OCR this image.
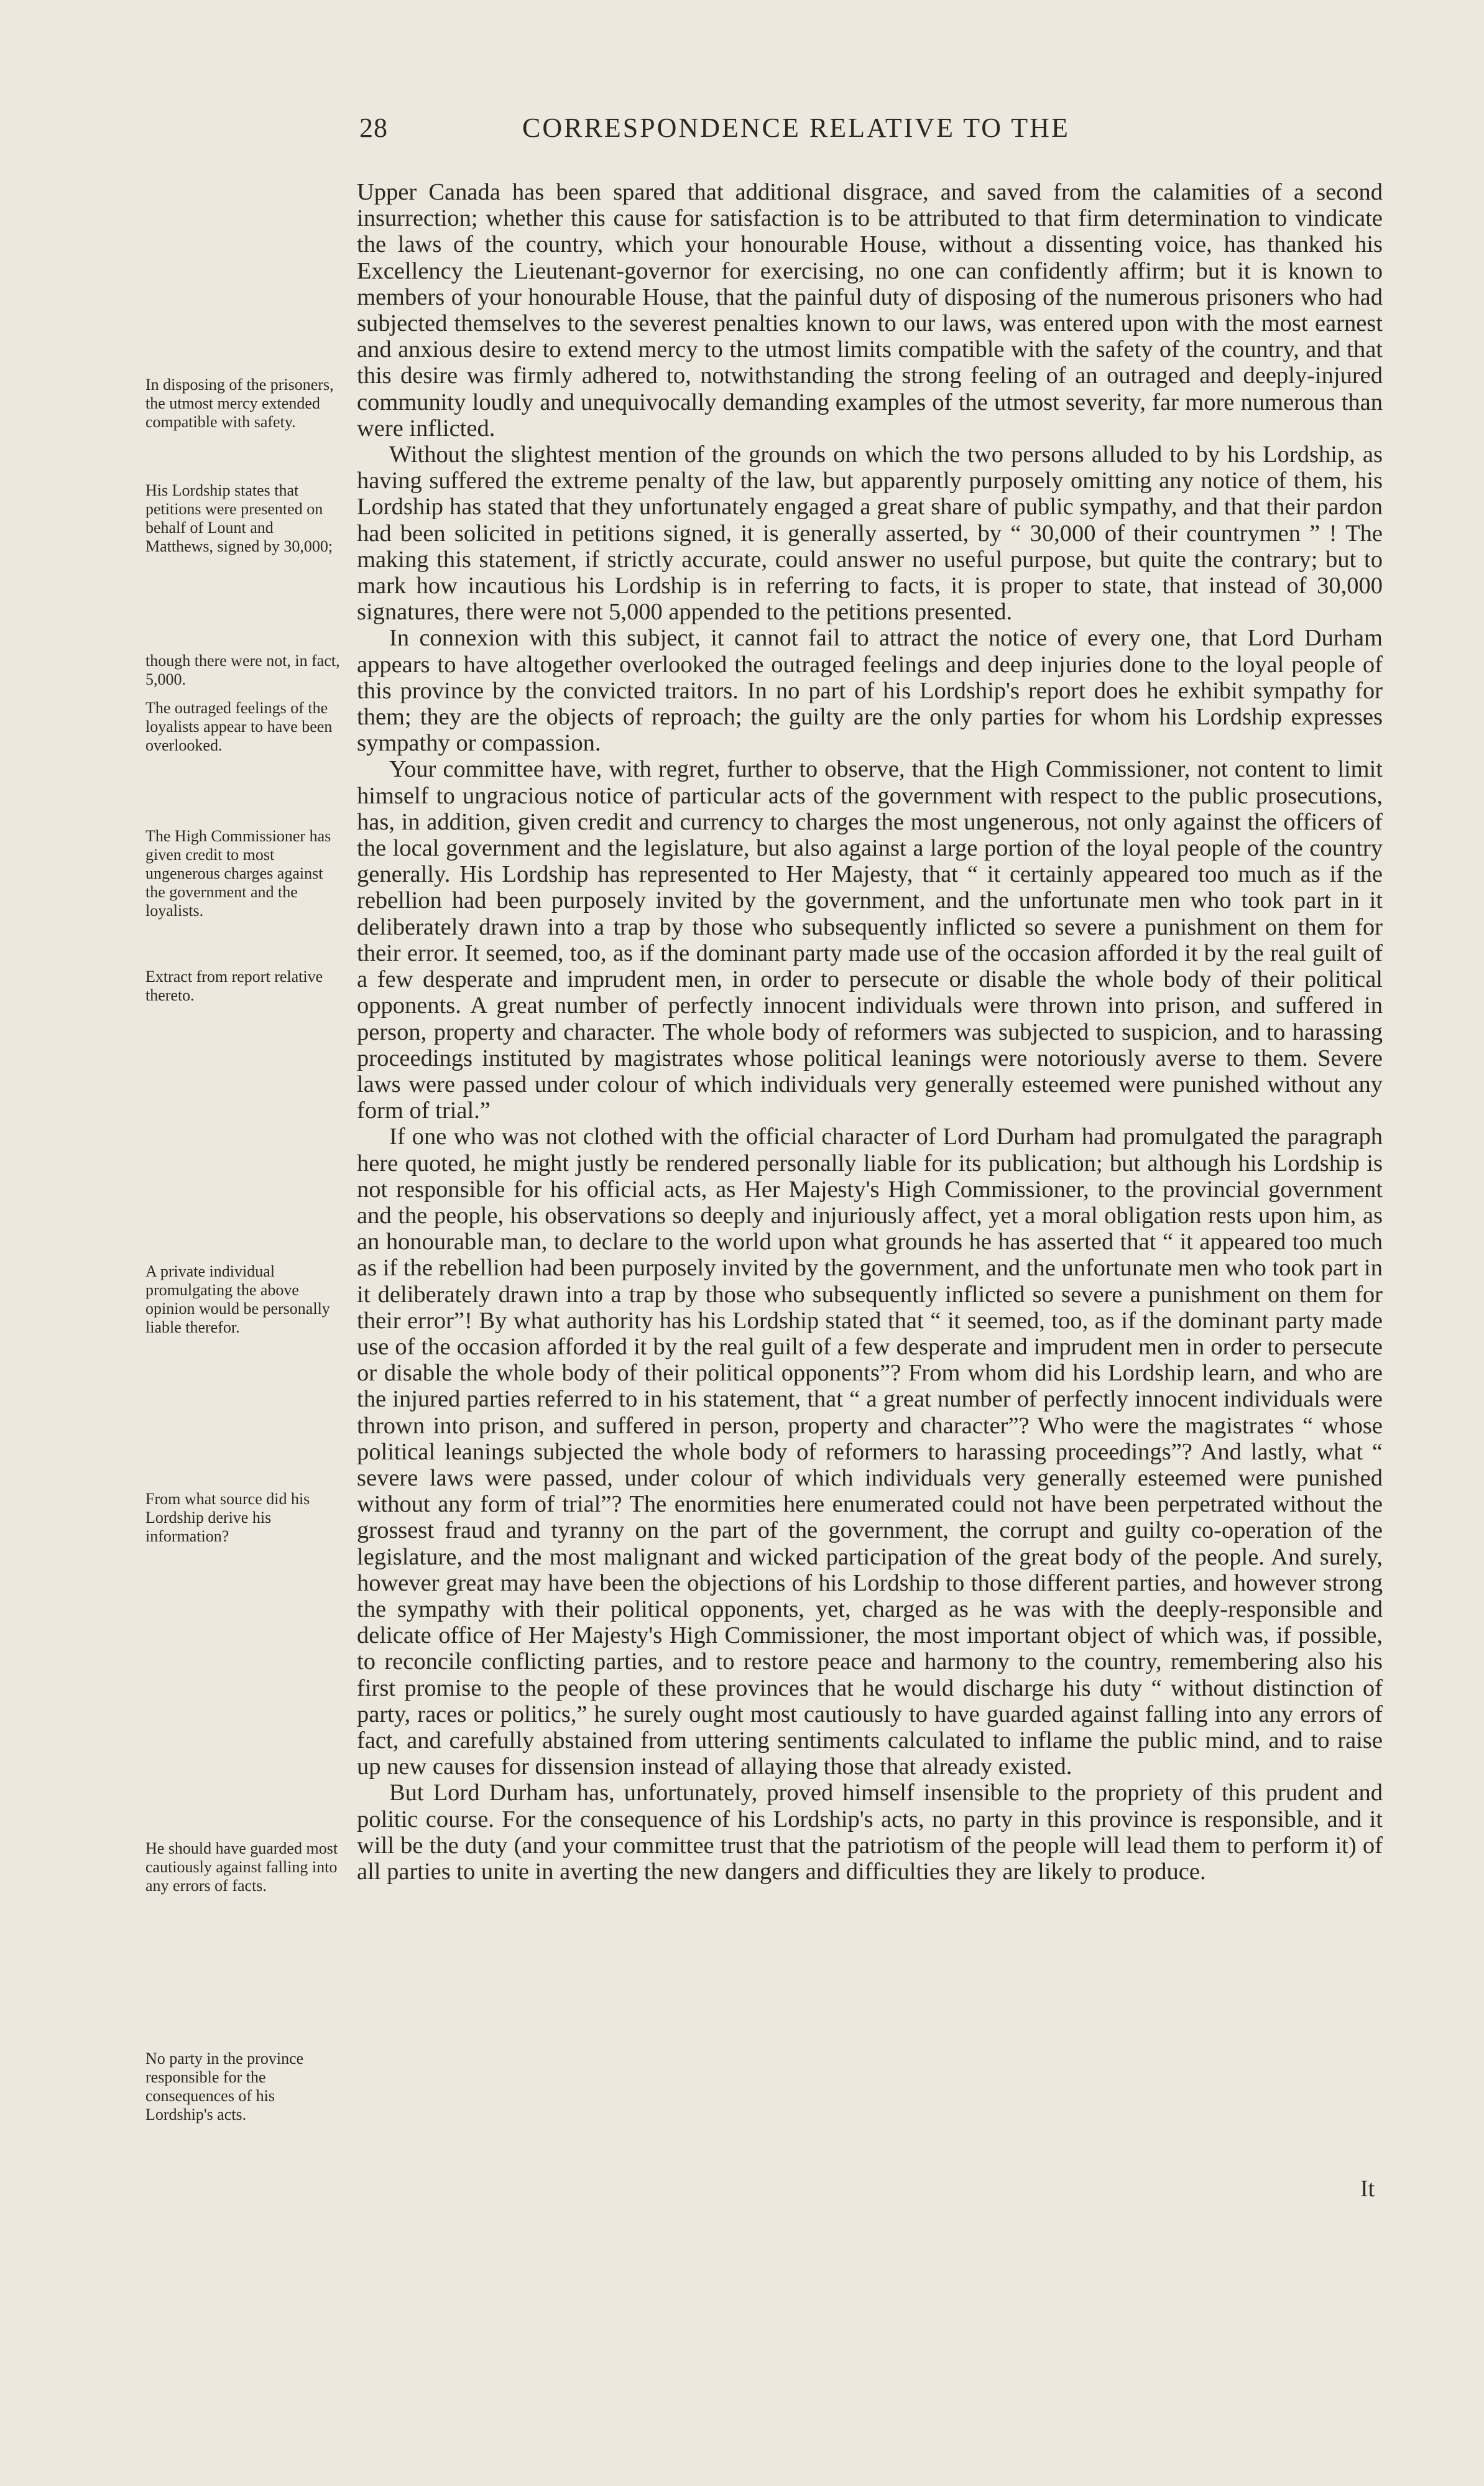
28	CORRESPONDENCE RELATIVE TO THE
In disposing of the prisoners, the utmost mercy extended compatible with safety.
His Lordship states that petitions were presented on behalf of Lount and Matthews, signed by 30,000;
though there were not, in fact, 5,000.
The outraged feelings of the loyalists appear to have been overlooked.
The High Commissioner has given credit to most ungenerous charges against the government and the loyalists.
Extract from report relative thereto.
A private individual promulgating the above opinion would be personally liable therefor.
From what source did his Lordship derive his information?
He should have guarded most cautiously against falling into any errors of facts.
No party in the province responsible for the consequences of his Lordship's acts.

Upper Canada has been spared that additional disgrace, and saved from the calamities of a second insurrection; whether this cause for satisfaction is to be attributed to that firm determination to vindicate the laws of the country, which your honourable House, without a dissenting voice, has thanked his Excellency the Lieutenant-governor for exercising, no one can confidently affirm; but it is known to members of your honourable House, that the painful duty of disposing of the numerous prisoners who had subjected themselves to the severest penalties known to our laws, was entered upon with the most earnest and anxious desire to extend mercy to the utmost limits compatible with the safety of the country, and that this desire was firmly adhered to, notwithstanding the strong feeling of an outraged and deeply-injured community loudly and unequivocally demanding examples of the utmost severity, far more numerous than were inflicted.

Without the slightest mention of the grounds on which the two persons alluded to by his Lordship, as having suffered the extreme penalty of the law, but apparently purposely omitting any notice of them, his Lordship has stated that they unfortunately engaged a great share of public sympathy, and that their pardon had been solicited in petitions signed, it is generally asserted, by “ 30,000 of their countrymen ” ! The making this statement, if strictly accurate, could answer no useful purpose, but quite the contrary; but to mark how incautious his Lordship is in referring to facts, it is proper to state, that instead of 30,000 signatures, there were not 5,000 appended to the petitions presented.

In connexion with this subject, it cannot fail to attract the notice of every one, that Lord Durham appears to have altogether overlooked the outraged feelings and deep injuries done to the loyal people of this province by the convicted traitors. In no part of his Lordship's report does he exhibit sympathy for them; they are the objects of reproach; the guilty are the only parties for whom his Lordship expresses sympathy or compassion.

Your committee have, with regret, further to observe, that the High Commissioner, not content to limit himself to ungracious notice of particular acts of the government with respect to the public prosecutions, has, in addition, given credit and currency to charges the most ungenerous, not only against the officers of the local government and the legislature, but also against a large portion of the loyal people of the country generally. His Lordship has represented to Her Majesty, that “ it certainly appeared too much as if the rebellion had been purposely invited by the government, and the unfortunate men who took part in it deliberately drawn into a trap by those who subsequently inflicted so severe a punishment on them for their error. It seemed, too, as if the dominant party made use of the occasion afforded it by the real guilt of a few desperate and imprudent men, in order to persecute or disable the whole body of their political opponents. A great number of perfectly innocent individuals were thrown into prison, and suffered in person, property and character. The whole body of reformers was subjected to suspicion, and to harassing proceedings instituted by magistrates whose political leanings were notoriously averse to them. Severe laws were passed under colour of which individuals very generally esteemed were punished without any form of trial.”

If one who was not clothed with the official character of Lord Durham had promulgated the paragraph here quoted, he might justly be rendered personally liable for its publication; but although his Lordship is not responsible for his official acts, as Her Majesty's High Commissioner, to the provincial government and the people, his observations so deeply and injuriously affect, yet a moral obligation rests upon him, as an honourable man, to declare to the world upon what grounds he has asserted that “ it appeared too much as if the rebellion had been purposely invited by the government, and the unfortunate men who took part in it deliberately drawn into a trap by those who subsequently inflicted so severe a punishment on them for their error”! By what authority has his Lordship stated that “ it seemed, too, as if the dominant party made use of the occasion afforded it by the real guilt of a few desperate and imprudent men in order to persecute or disable the whole body of their political opponents”? From whom did his Lordship learn, and who are the injured parties referred to in his statement, that “ a great number of perfectly innocent individuals were thrown into prison, and suffered in person, property and character”? Who were the magistrates “ whose political leanings subjected the whole body of reformers to harassing proceedings”? And lastly, what “ severe laws were passed, under colour of which individuals very generally esteemed were punished without any form of trial”? The enormities here enumerated could not have been perpetrated without the grossest fraud and tyranny on the part of the government, the corrupt and guilty co-operation of the legislature, and the most malignant and wicked participation of the great body of the people. And surely, however great may have been the objections of his Lordship to those different parties, and however strong the sympathy with their political opponents, yet, charged as he was with the deeply-responsible and delicate office of Her Majesty's High Commissioner, the most important object of which was, if possible, to reconcile conflicting parties, and to restore peace and harmony to the country, remembering also his first promise to the people of these provinces that he would discharge his duty “ without distinction of party, races or politics,” he surely ought most cautiously to have guarded against falling into any errors of fact, and carefully abstained from uttering sentiments calculated to inflame the public mind, and to raise up new causes for dissension instead of allaying those that already existed.

But Lord Durham has, unfortunately, proved himself insensible to the propriety of this prudent and politic course. For the consequence of his Lordship's acts, no party in this province is responsible, and it will be the duty (and your committee trust that the patriotism of the people will lead them to perform it) of all parties to unite in averting the new dangers and difficulties they are likely to produce.

It
